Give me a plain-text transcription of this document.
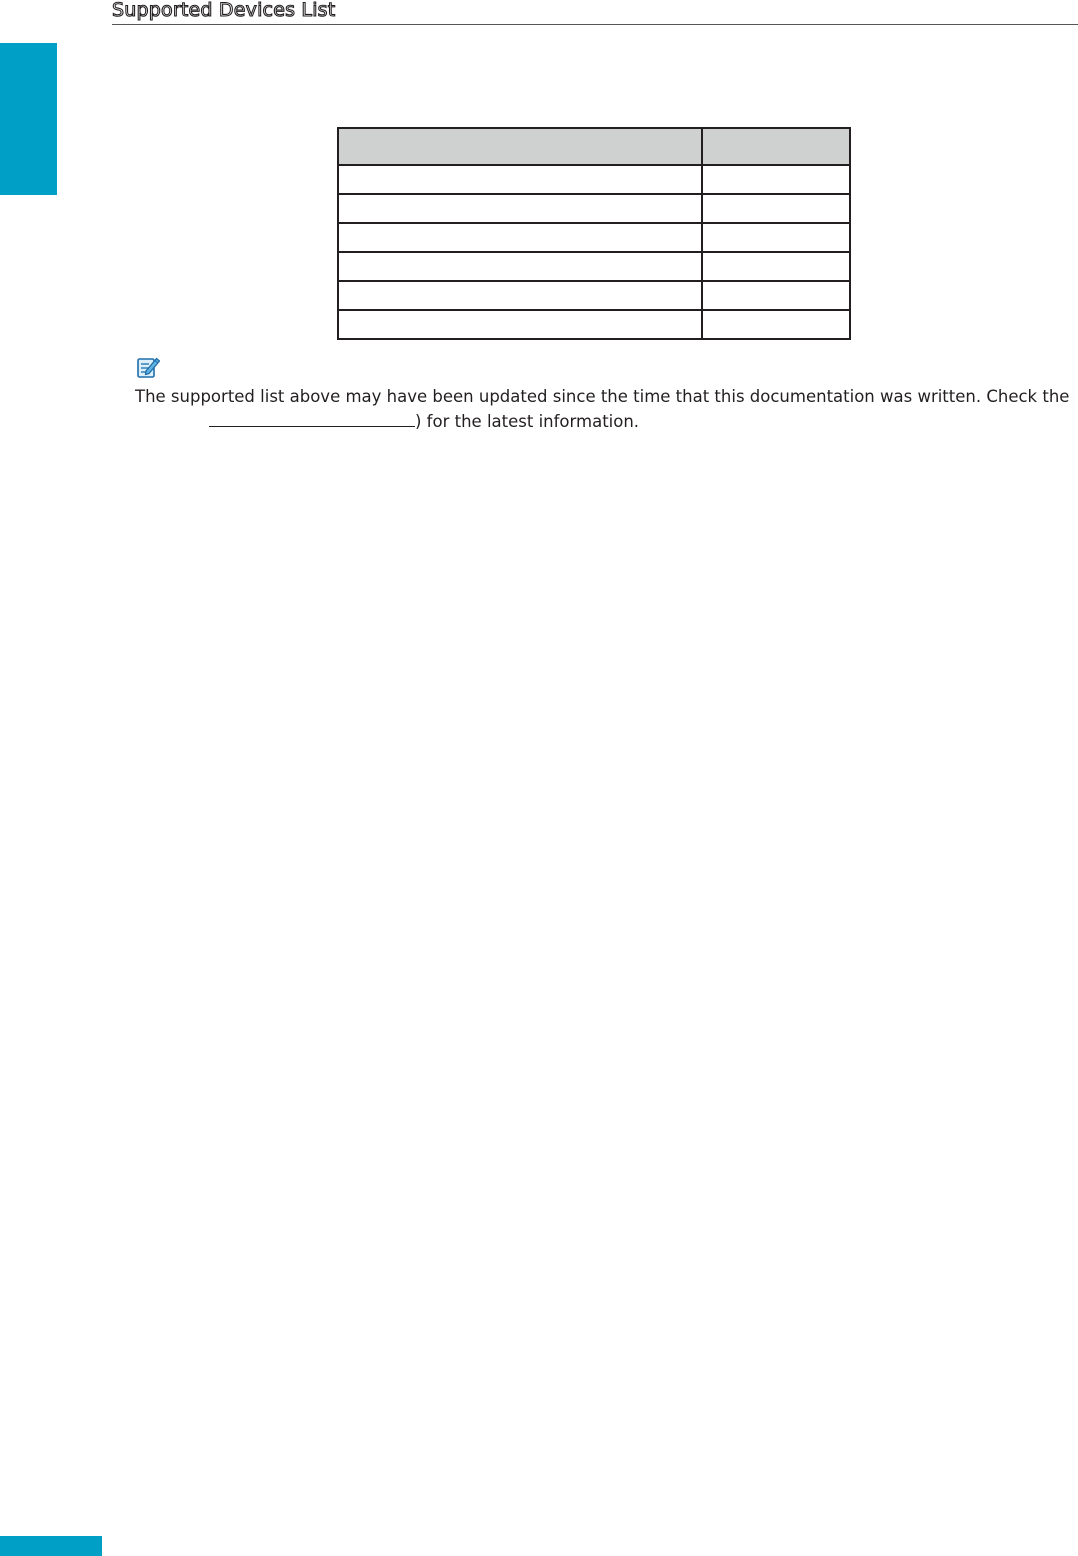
Supported Devices List

The supported list above may have been updated since the time that this documentation was written. Check the

) for the latest information.
